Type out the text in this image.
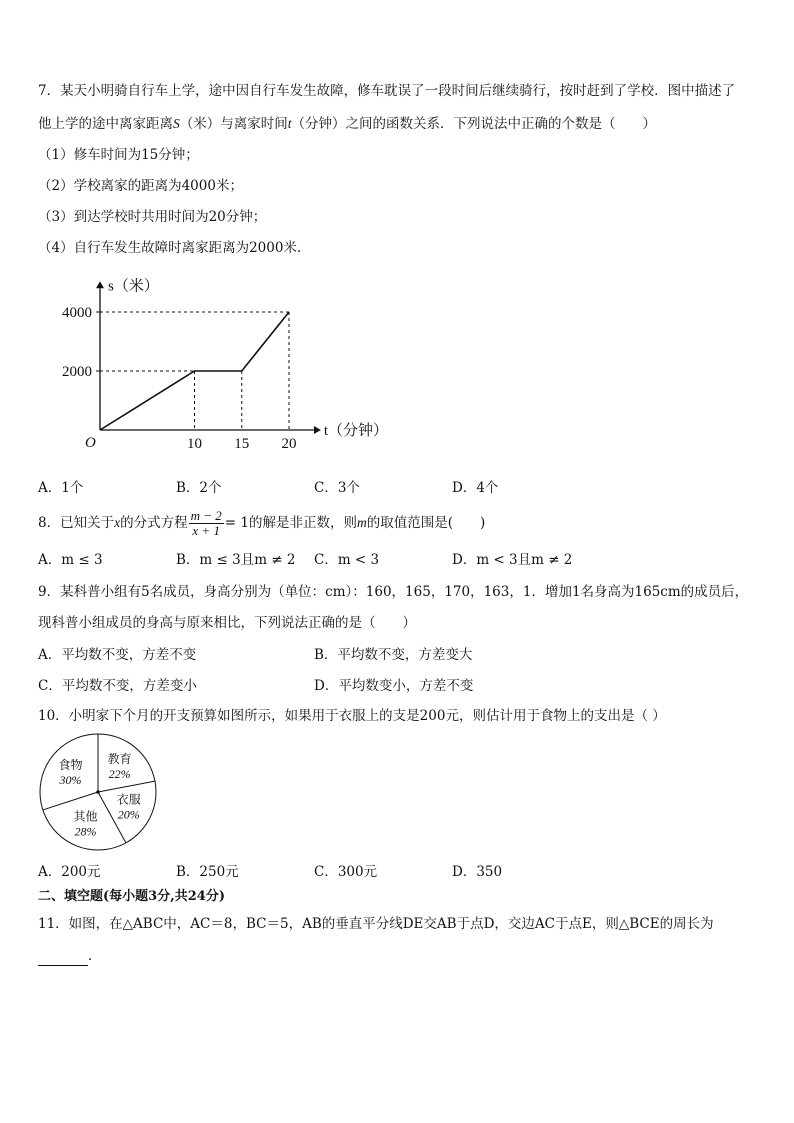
7．某天小明骑自行车上学，途中因自行车发生故障，修车耽误了一段时间后继续骑行，按时赶到了学校．图中描述了
他上学的途中离家距离S（米）与离家时间t（分钟）之间的函数关系．下列说法中正确的个数是（　　）
（1）修车时间为15分钟；
（2）学校离家的距离为4000米；
（3）到达学校时共用时间为20分钟；
（4）自行车发生故障时离家距离为2000米．
s（米）
t（分钟）
O
2000
4000
10 15 20
A．1个	B．2个	C．3个	D．4个
8．已知关于x的分式方程 $\frac{m - 2}{x + 1} = 1$的解是非正数，则m的取值范围是(　　)
A．m ≤ 3	B．m ≤ 3且m ≠ 2 C．m < 3	D．m < 3且m ≠ 2
9．某科普小组有5名成员，身高分别为（单位：cm）：160，165，170，163，1．增加1名身高为165cm的成员后，
现科普小组成员的身高与原来相比，下列说法正确的是（　　）
A．平均数不变，方差不变	B．平均数不变，方差变大
C．平均数不变，方差变小	D．平均数变小，方差不变
10．小明家下个月的开支预算如图所示，如果用于衣服上的支是200元，则估计用于食物上的支出是（ ）
教育
22%
衣服
20%
其他
28%
食物
30%
A．200元	B．250元	C．300元	D．350
二、填空题(每小题3分,共24分)
11．如图，在△ABC中，AC＝8，BC＝5，AB的垂直平分线DE交AB于点D，交边AC于点E，则△BCE的周长为
．
